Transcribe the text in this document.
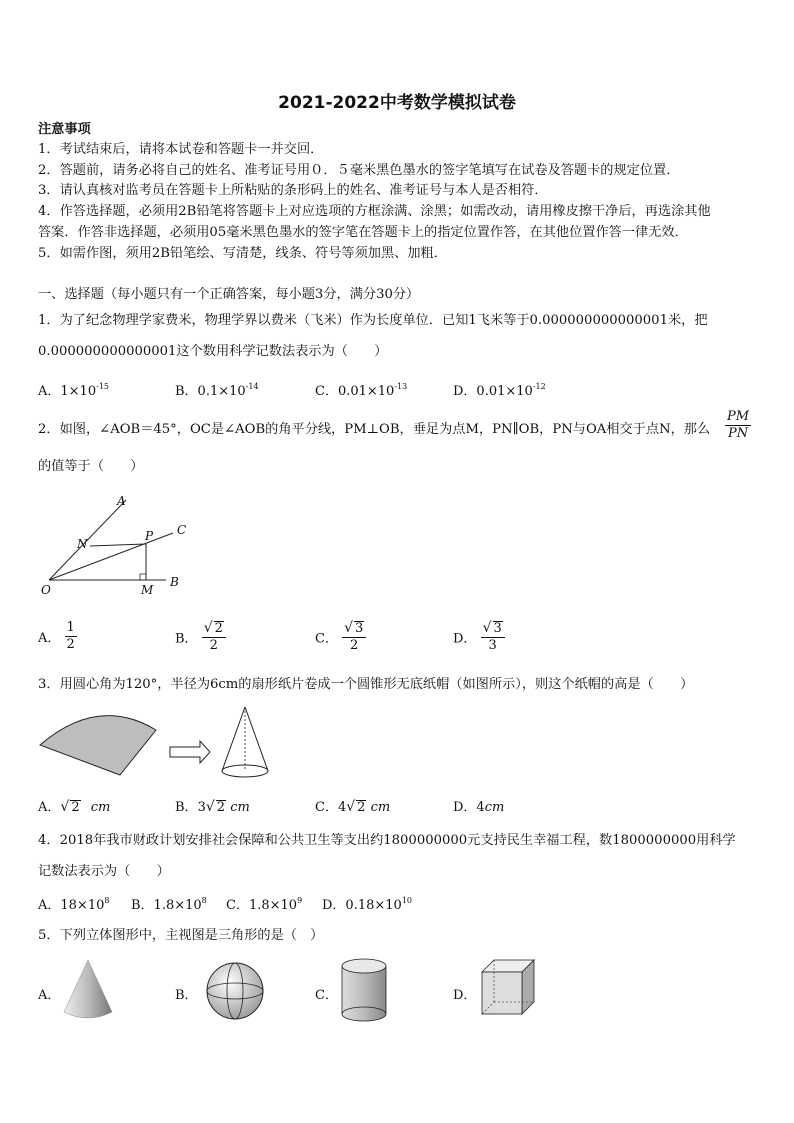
2021-2022中考数学模拟试卷
注意事项
1．考试结束后，请将本试卷和答题卡一并交回．
2．答题前，请务必将自己的姓名、准考证号用０．５毫米黑色墨水的签字笔填写在试卷及答题卡的规定位置．
3．请认真核对监考员在答题卡上所粘贴的条形码上的姓名、准考证号与本人是否相符．
4．作答选择题，必须用2B铅笔将答题卡上对应选项的方框涂满、涂黑；如需改动，请用橡皮擦干净后，再选涂其他
答案．作答非选择题，必须用05毫米黑色墨水的签字笔在答题卡上的指定位置作答，在其他位置作答一律无效．
5．如需作图，须用2B铅笔绘、写清楚，线条、符号等须加黑、加粗．
一、选择题（每小题只有一个正确答案，每小题3分，满分30分）
1．为了纪念物理学家费米，物理学界以费米（飞米）作为长度单位．已知1飞米等于0.000000000000001米，把
0.000000000000001这个数用科学记数法表示为（　　）
A．$1\times 10^{-15}$	B．$0.1\times 10^{-14}$	C．$0.01\times 10^{-13}$	D．$0.01\times 10^{-12}$
2．如图，∠AOB＝45°，OC是∠AOB的角平分线，PM⊥OB，垂足为点M，PN∥OB，PN与OA相交于点N，那么 $\frac{PM}{PN}$
的值等于（　　）
A
C
N
P
O	M
B
A． $\frac{1}{2}$	B． $\frac{√ 2}{2}$	C． $\frac{√ 3}{2}$	D． $\frac{√ 3}{3}$
3．用圆心角为120°，半径为6cm的扇形纸片卷成一个圆锥形无底纸帽（如图所示），则这个纸帽的高是（　　）
A．√ 2 cm	B．3√ 2 cm	C．4√ 2 cm	D．4cm
4．2018年我市财政计划安排社会保障和公共卫生等支出约1800000000元支持民生幸福工程，数1800000000用科学
记数法表示为（　　）
A．$18\times 10^8$ B．$1.8\times 10^8$ C．$1.8\times 10^9$ D．$0.18\times 10^{10}$
5．下列立体图形中，主视图是三角形的是（　）
A．	B．	C．	D．
